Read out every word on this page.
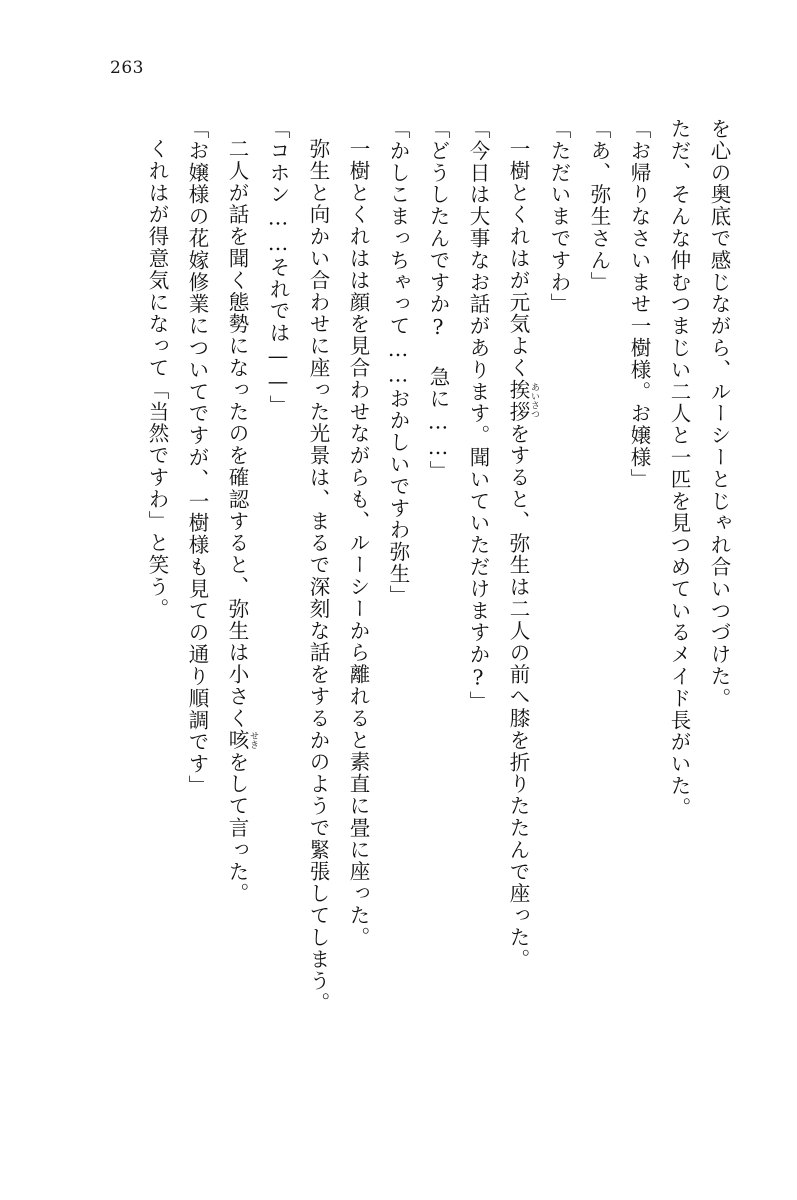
263

を心の奥底で感じながら、ルーシーとじゃれ合いつづけた。

ただ、そんな仲むつまじい二人と一匹を見つめているメイド長がいた。

「お帰りなさいませ一樹様。お嬢様」

「あ、弥生さん」

「ただいまですわ」

一樹とくれはが元気よく挨拶 あいさつをすると、弥生は二人の前へ膝を折りたたんで座った。

「今日は大事なお話があります。聞いていただけますか?」

「どうしたんですか? 急に……」

「かしこまっちゃって……おかしいですわ弥生」

一樹とくれはは顔を見合わせながらも、ルーシーから離れると素直に畳に座った。

弥生と向かい合わせに座った光景は、まるで深刻な話をするかのようで緊張してしまう。

「コホン……それでは——」

二人が話を聞く態勢になったのを確認すると、弥生は小さく咳 せきをして言った。

「お嬢様の花嫁修業についてですが、一樹様も見ての通り順調です」

くれはが得意気になって「当然ですわ」と笑う。
